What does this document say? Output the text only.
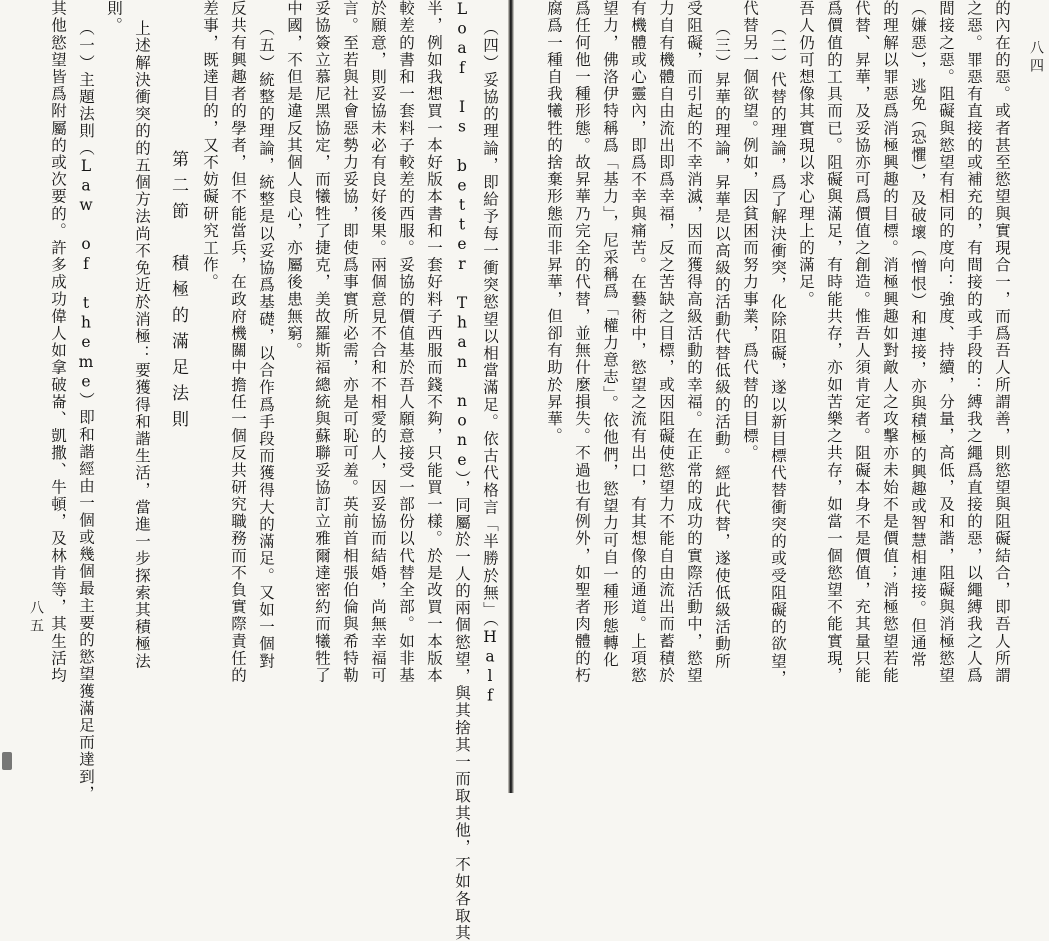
的內在的惡。或者甚至慾望與實現合一，而爲吾人所謂善，則慾望與阻礙結合，即吾人所謂
之惡。罪惡有直接的或補充的，有間接的或手段的：縛我之繩爲直接的惡，以繩縛我之人爲
間接之惡。阻礙與慾望有相同的度向：強度、持續，分量，高低，及和諧，阻礙與消極慾望
（嫌惡），逃免（恐懼），及破壞（憎恨）和連接，亦與積極的興趣或智慧相連接。但通常
的理解以罪惡爲消極興趣的目標。消極興趣如對敵人之攻擊亦未始不是價值；消極慾望若能
代替、昇華，及妥協亦可爲價值之創造。惟吾人須肯定者。阻礙本身不是價值，充其量只能
爲價值的工具而已。阻礙與滿足，有時能共存，亦如苦樂之共存，如當一個慾望不能實現，
吾人仍可想像其實現以求心理上的滿足。
（二）代替的理論，爲了解決衝突，化除阻礙，遂以新目標代替衝突的或受阻礙的欲望，
代替另一個欲望。例如，因貧困而努力事業，爲代替的目標。
（三）昇華的理論，昇華是以高級的活動代替低級的活動。經此代替，遂使低級活動所
受阻礙，而引起的不幸消滅，因而獲得高級活動的幸福。在正常的成功的實際活動中，慾望
力自有機體自由流出即爲幸福，反之苦缺之目標，或因阻礙使慾望力不能自由流出而蓄積於
有機體或心靈內，即爲不幸與痛苦。在藝術中，慾望之流有出口，有其想像的通道。上項慾
望力，佛洛伊特稱爲「基力」，尼采稱爲「權力意志」。依他們，慾望力可自一種形態轉化
爲任何他一種形態。故昇華乃完全的代替，並無什麼損失。不過也有例外，如聖者肉體的朽
腐爲一種自我犧牲的捨棄形態而非昇華，但卻有助於昇華。	八四
（四）妥協的理論，即給予每一衝突慾望以相當滿足。依古代格言「半勝於無」（Half
Loaf Is better Than none），同屬於一人的兩個慾望，與其捨其一而取其他，不如各取其
半，例如我想買一本好版本書和一套好料子西服而錢不夠，只能買一樣。於是改買一本版本
較差的書和一套料子較差的西服。妥協的價值基於吾人願意接受一部份以代替全部。如非基
於願意，則妥協未必有良好後果。兩個意見不合和不相愛的人，因妥協而結婚，尚無幸福可
言。至若與社會惡勢力妥協，即使爲事實所必需，亦是可恥可羞。英前首相張伯倫與希特勒
妥協簽立慕尼黑協定，而犧牲了捷克，美故羅斯福總統與蘇聯妥協訂立雅爾達密約而犧牲了
中國，不但是違反其個人良心，亦屬後患無窮。
（五）統整的理論，統整是以妥協爲基礎，以合作爲手段而獲得大的滿足。又如一個對
反共有興趣者的學者，但不能當兵，在政府機關中擔任一個反共研究職務而不負實際責任的
差事，既達目的，又不妨礙研究工作。
第二節　積極的滿足法則
上述解決衝突的的五個方法尚不免近於消極：要獲得和諧生活，當進一步探索其積極法
則。
（一）主題法則（Law of theme）即和諧經由一個或幾個最主要的慾望獲滿足而達到，
其他慾望皆爲附屬的或次要的。許多成功偉人如拿破崙、凱撒、牛頓，及林肯等，其生活均
八五
